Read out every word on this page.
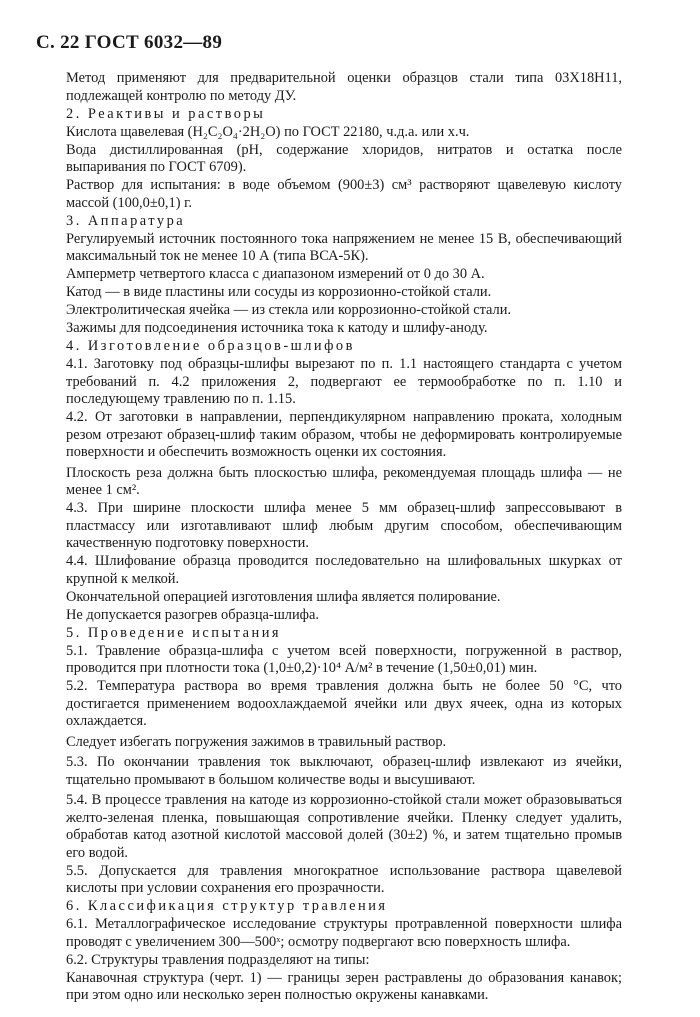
С. 22 ГОСТ 6032—89

Метод применяют для предварительной оценки образцов стали типа 03Х18Н11, подлежащей контролю по методу ДУ.

2. Реактивы и растворы

Кислота щавелевая (H₂C₂O₄·2H₂O) по ГОСТ 22180, ч.д.а. или х.ч.

Вода дистиллированная (pH, содержание хлоридов, нитратов и остатка после выпаривания по ГОСТ 6709).

Раствор для испытания: в воде объемом (900±3) см³ растворяют щавелевую кислоту массой (100,0±0,1) г.

3. Аппаратура

Регулируемый источник постоянного тока напряжением не менее 15 В, обеспечивающий максимальный ток не менее 10 А (типа ВСА-5К).

Амперметр четвертого класса с диапазоном измерений от 0 до 30 А.

Катод — в виде пластины или сосуды из коррозионно-стойкой стали.

Электролитическая ячейка — из стекла или коррозионно-стойкой стали.

Зажимы для подсоединения источника тока к катоду и шлифу-аноду.

4. Изготовление образцов-шлифов

4.1. Заготовку под образцы-шлифы вырезают по п. 1.1 настоящего стандарта с учетом требований п. 4.2 приложения 2, подвергают ее термообработке по п. 1.10 и последующему травлению по п. 1.15.

4.2. От заготовки в направлении, перпендикулярном направлению проката, холодным резом отрезают образец-шлиф таким образом, чтобы не деформировать контролируемые поверхности и обеспечить возможность оценки их состояния.

Плоскость реза должна быть плоскостью шлифа, рекомендуемая площадь шлифа — не менее 1 см².

4.3. При ширине плоскости шлифа менее 5 мм образец-шлиф запрессовывают в пластмассу или изготавливают шлиф любым другим способом, обеспечивающим качественную подготовку поверхности.

4.4. Шлифование образца проводится последовательно на шлифовальных шкурках от крупной к мелкой.

Окончательной операцией изготовления шлифа является полирование.

Не допускается разогрев образца-шлифа.

5. Проведение испытания

5.1. Травление образца-шлифа с учетом всей поверхности, погруженной в раствор, проводится при плотности тока (1,0±0,2)·10⁴ А/м² в течение (1,50±0,01) мин.

5.2. Температура раствора во время травления должна быть не более 50 °С, что достигается применением водоохлаждаемой ячейки или двух ячеек, одна из которых охлаждается.

Следует избегать погружения зажимов в травильный раствор.

5.3. По окончании травления ток выключают, образец-шлиф извлекают из ячейки, тщательно промывают в большом количестве воды и высушивают.

5.4. В процессе травления на катоде из коррозионно-стойкой стали может образовываться желто-зеленая пленка, повышающая сопротивление ячейки. Пленку следует удалить, обработав катод азотной кислотой массовой долей (30±2) %, и затем тщательно промыв его водой.

5.5. Допускается для травления многократное использование раствора щавелевой кислоты при условии сохранения его прозрачности.

6. Классификация структур травления

6.1. Металлографическое исследование структуры протравленной поверхности шлифа проводят с увеличением 300—500ˣ; осмотру подвергают всю поверхность шлифа.

6.2. Структуры травления подразделяют на типы:

Канавочная структура (черт. 1) — границы зерен растравлены до образования канавок; при этом одно или несколько зерен полностью окружены канавками.
